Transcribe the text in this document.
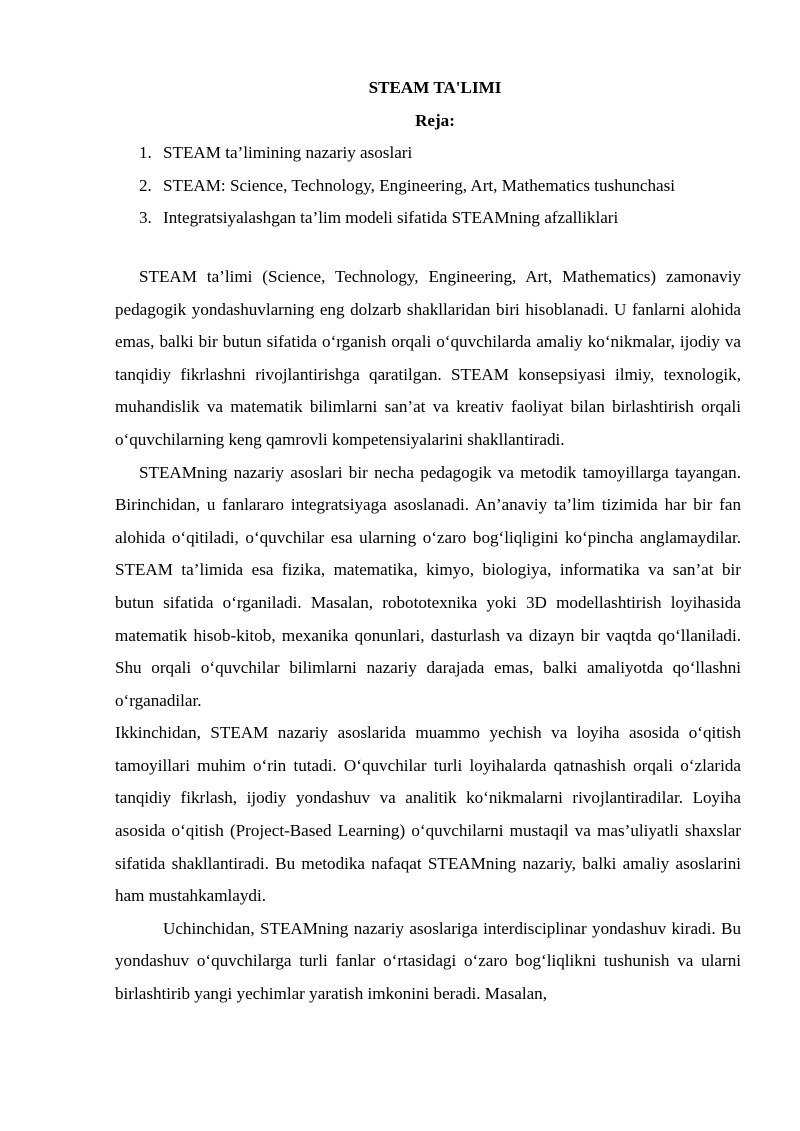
STEAM TA'LIMI

Reja:

1. STEAM ta’limining nazariy asoslari
2. STEAM: Science, Technology, Engineering, Art, Mathematics tushunchasi
3. Integratsiyalashgan ta’lim modeli sifatida STEAMning afzalliklari

STEAM ta’limi (Science, Technology, Engineering, Art, Mathematics) zamonaviy pedagogik yondashuvlarning eng dolzarb shakllaridan biri hisoblanadi. U fanlarni alohida emas, balki bir butun sifatida o‘rganish orqali o‘quvchilarda amaliy ko‘nikmalar, ijodiy va tanqidiy fikrlashni rivojlantirishga qaratilgan. STEAM konsepsiyasi ilmiy, texnologik, muhandislik va matematik bilimlarni san’at va kreativ faoliyat bilan birlashtirish orqali o‘quvchilarning keng qamrovli kompetensiyalarini shakllantiradi.

STEAMning nazariy asoslari bir necha pedagogik va metodik tamoyillarga tayangan. Birinchidan, u fanlararo integratsiyaga asoslanadi. An’anaviy ta’lim tizimida har bir fan alohida o‘qitiladi, o‘quvchilar esa ularning o‘zaro bog‘liqligini ko‘pincha anglamaydilar. STEAM ta’limida esa fizika, matematika, kimyo, biologiya, informatika va san’at bir butun sifatida o‘rganiladi. Masalan, robototexnika yoki 3D modellashtirish loyihasida matematik hisob-kitob, mexanika qonunlari, dasturlash va dizayn bir vaqtda qo‘llaniladi. Shu orqali o‘quvchilar bilimlarni nazariy darajada emas, balki amaliyotda qo‘llashni o‘rganadilar.

Ikkinchidan, STEAM nazariy asoslarida muammo yechish va loyiha asosida o‘qitish tamoyillari muhim o‘rin tutadi. O‘quvchilar turli loyihalarda qatnashish orqali o‘zlarida tanqidiy fikrlash, ijodiy yondashuv va analitik ko‘nikmalarni rivojlantiradilar. Loyiha asosida o‘qitish (Project-Based Learning) o‘quvchilarni mustaqil va mas’uliyatli shaxslar sifatida shakllantiradi. Bu metodika nafaqat STEAMning nazariy, balki amaliy asoslarini ham mustahkamlaydi.

Uchinchidan, STEAMning nazariy asoslariga interdisciplinar yondashuv kiradi. Bu yondashuv o‘quvchilarga turli fanlar o‘rtasidagi o‘zaro bog‘liqlikni tushunish va ularni birlashtirib yangi yechimlar yaratish imkonini beradi. Masalan,
